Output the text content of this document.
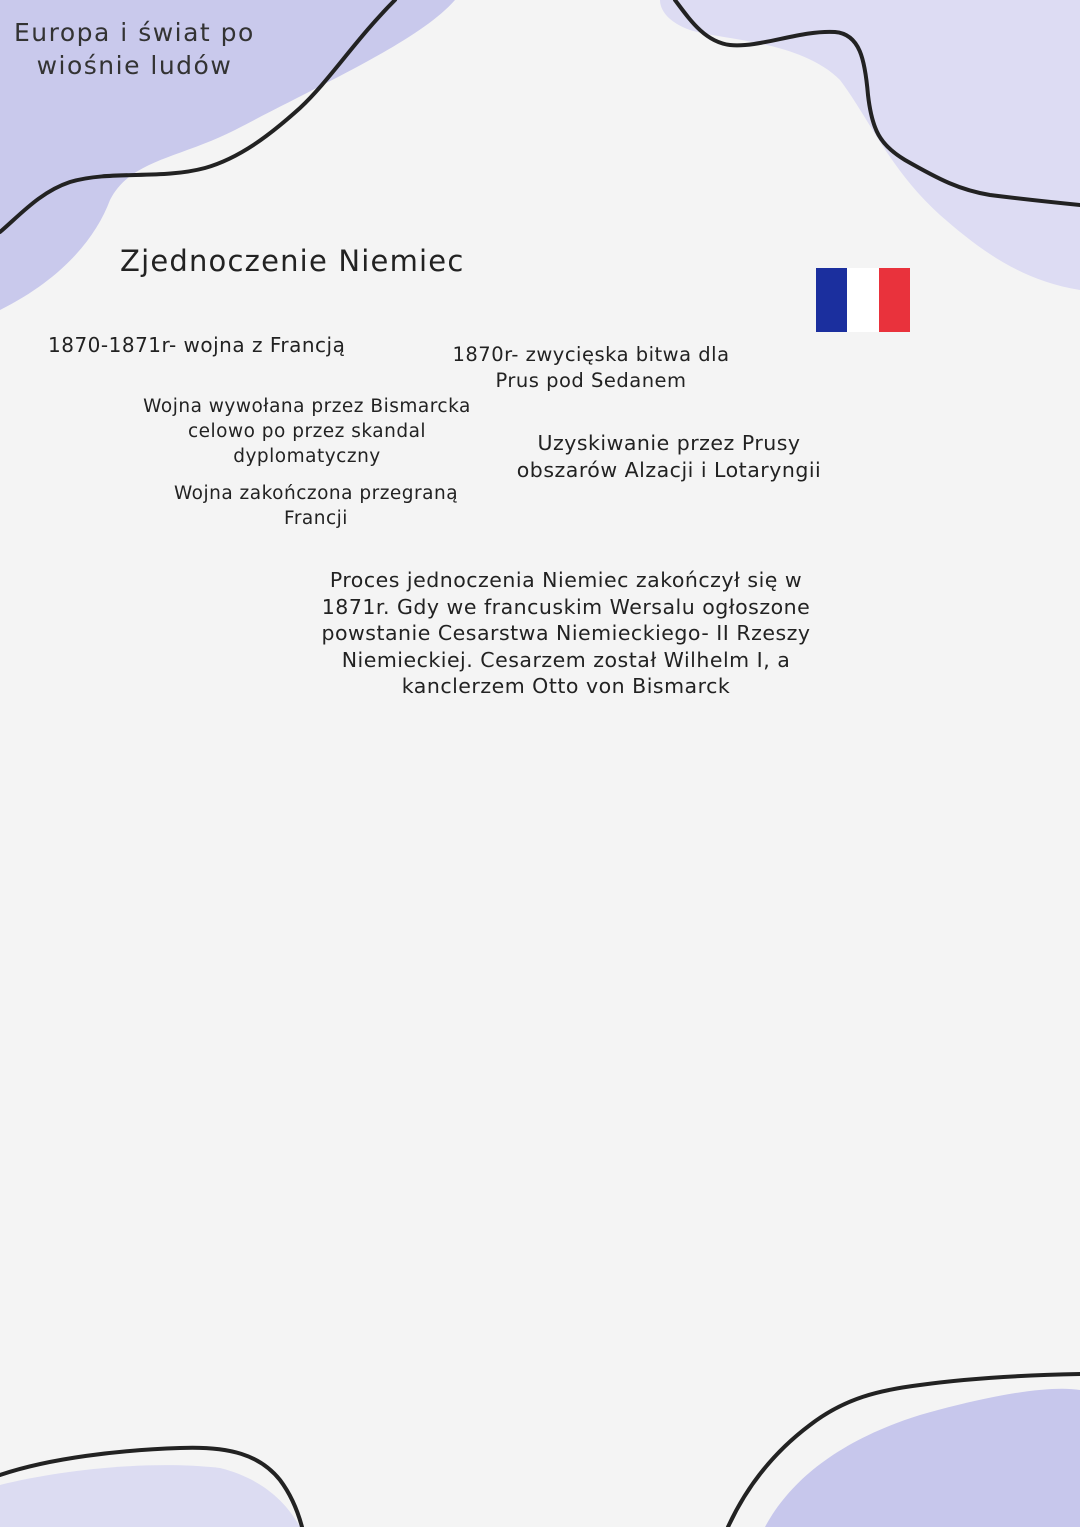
Europa i świat po
wiośnie ludów
Zjednoczenie Niemiec
1870-1871r- wojna z Francją
Wojna wywołana przez Bismarcka
celowo po przez skandal
dyplomatyczny
Wojna zakończona przegraną
Francji
1870r- zwycięska bitwa dla
Prus pod Sedanem
Uzyskiwanie przez Prusy
obszarów Alzacji i Lotaryngii
Proces jednoczenia Niemiec zakończył się w
1871r. Gdy we francuskim Wersalu ogłoszone
powstanie Cesarstwa Niemieckiego- II Rzeszy
Niemieckiej. Cesarzem został Wilhelm I, a
kanclerzem Otto von Bismarck
